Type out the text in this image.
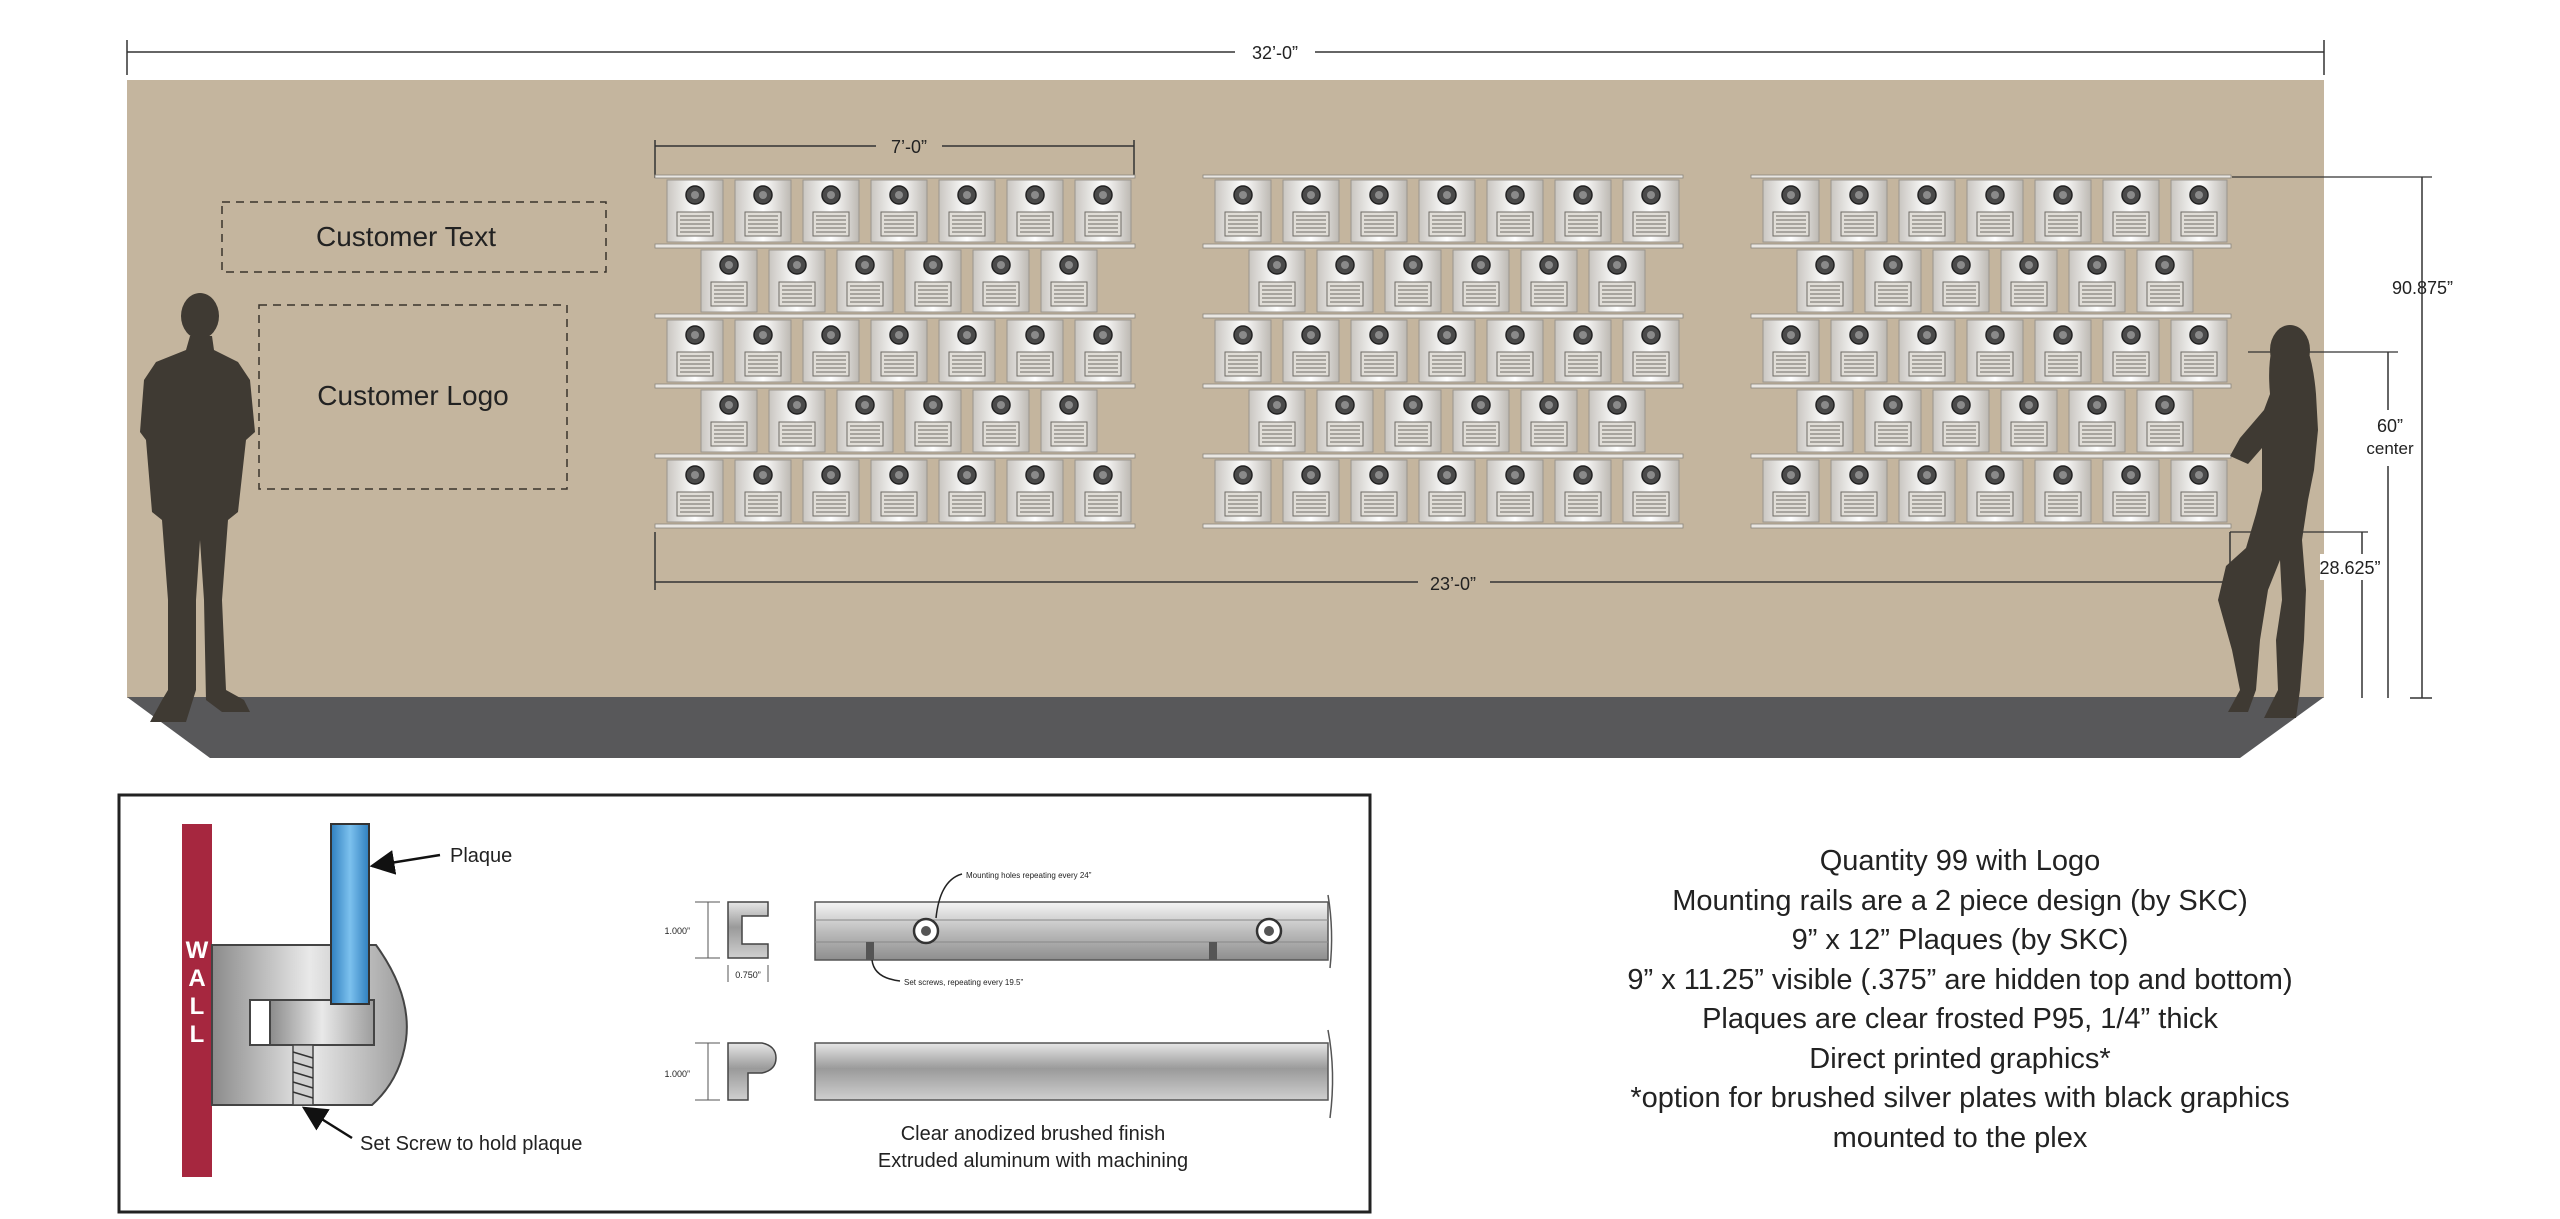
32’-0”
Customer Text
Customer Logo
7’-0”
23’-0”
90.875”
60”
center
28.625”
W
A
L
L
Plaque
Set Screw to hold plaque
1.000”
0.750”
Mounting holes repeating every 24”
Set screws, repeating every 19.5”
1.000”
Clear anodized brushed finish
Extruded aluminum with machining
Quantity 99 with Logo
Mounting rails are a 2 piece design (by SKC)
9” x 12” Plaques (by SKC)
9” x 11.25” visible (.375” are hidden top and bottom)
Plaques are clear frosted P95, 1/4” thick
Direct printed graphics*
*option for brushed silver plates with black graphics
mounted to the plex
